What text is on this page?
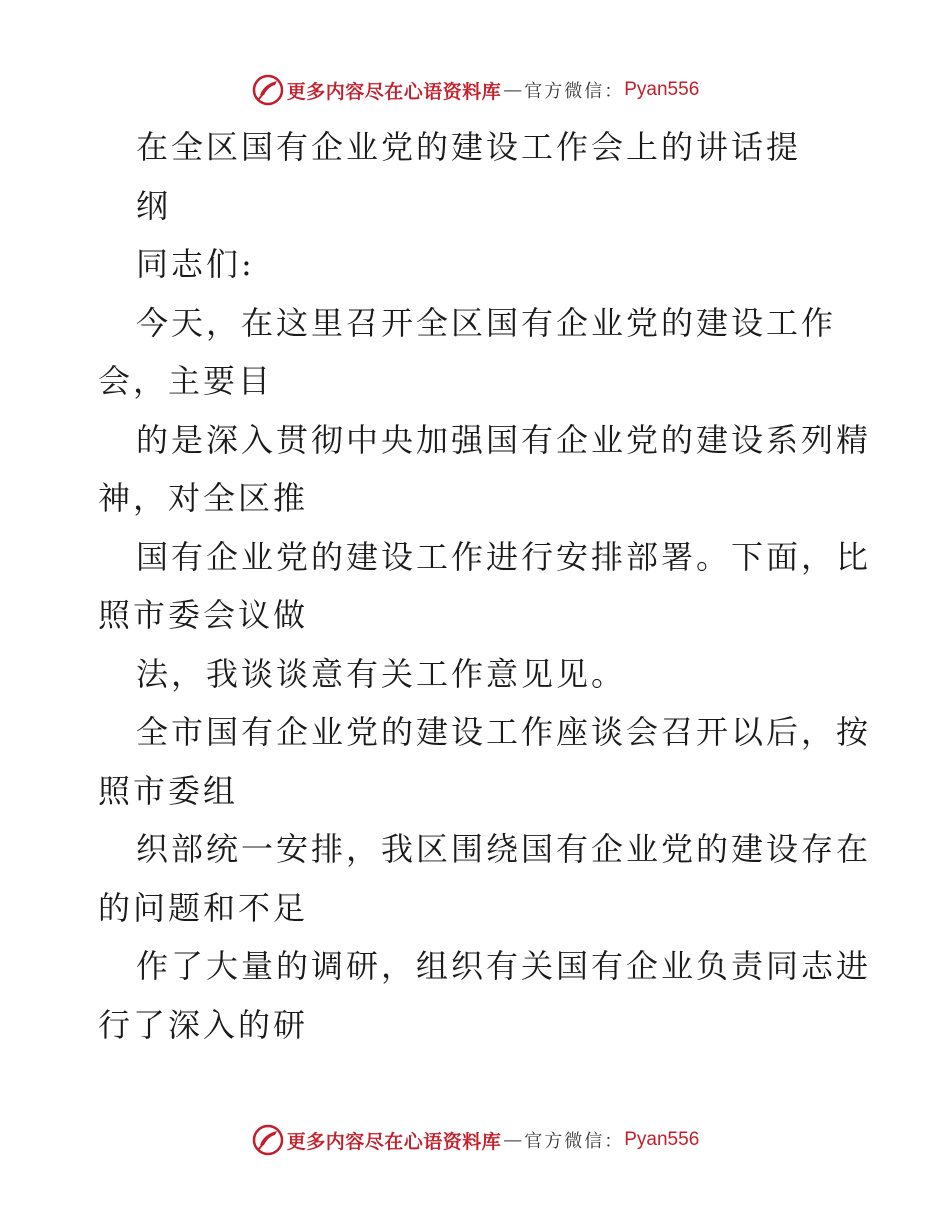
更多内容尽在心语资料库 — 官方微信： Pyan556
在全区国有企业党的建设工作会上的讲话提
纲
同志们:
今天，在这里召开全区国有企业党的建设工作
会，主要目
的是深入贯彻中央加强国有企业党的建设系列精
神，对全区推
国有企业党的建设工作进行安排部署。下面，比
照市委会议做
法，我谈谈意有关工作意见见。
全市国有企业党的建设工作座谈会召开以后，按
照市委组
织部统一安排，我区围绕国有企业党的建设存在
的问题和不足
作了大量的调研，组织有关国有企业负责同志进
行了深入的研
更多内容尽在心语资料库 — 官方微信： Pyan556
